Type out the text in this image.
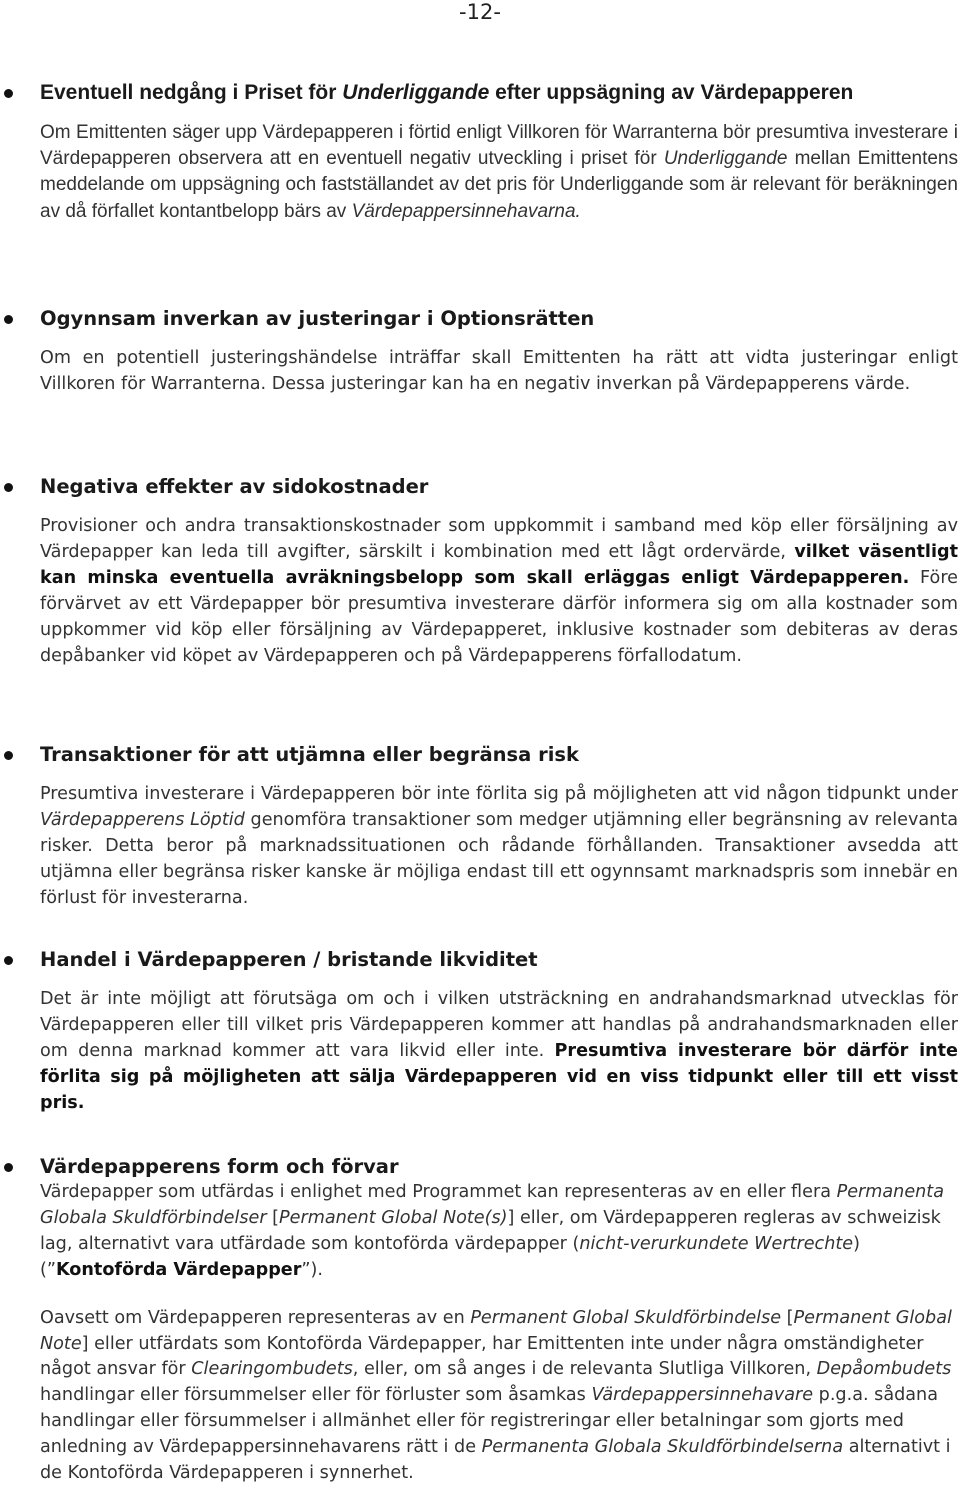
-12-
Eventuell nedgång i Priset för Underliggande efter uppsägning av Värdepapperen

Om Emittenten säger upp Värdepapperen i förtid enligt Villkoren för Warranterna bör presumtiva investerare i Värdepapperen observera att en eventuell negativ utveckling i priset för Underliggande mellan Emittentens meddelande om uppsägning och fastställandet av det pris för Underliggande som är relevant för beräkningen av då förfallet kontantbelopp bärs av Värdepappersinnehavarna.

Ogynnsam inverkan av justeringar i Optionsrätten

Om en potentiell justeringshändelse inträffar skall Emittenten ha rätt att vidta justeringar enligt Villkoren för Warranterna. Dessa justeringar kan ha en negativ inverkan på Värdepapperens värde.

Negativa effekter av sidokostnader

Provisioner och andra transaktionskostnader som uppkommit i samband med köp eller försäljning av Värdepapper kan leda till avgifter, särskilt i kombination med ett lågt ordervärde, vilket väsentligt kan minska eventuella avräkningsbelopp som skall erläggas enligt Värdepapperen. Före förvärvet av ett Värdepapper bör presumtiva investerare därför informera sig om alla kostnader som uppkommer vid köp eller försäljning av Värdepapperet, inklusive kostnader som debiteras av deras depåbanker vid köpet av Värdepapperen och på Värdepapperens förfallodatum.

Transaktioner för att utjämna eller begränsa risk

Presumtiva investerare i Värdepapperen bör inte förlita sig på möjligheten att vid någon tidpunkt under Värdepapperens Löptid genomföra transaktioner som medger utjämning eller begränsning av relevanta risker. Detta beror på marknadssituationen och rådande förhållanden. Transaktioner avsedda att utjämna eller begränsa risker kanske är möjliga endast till ett ogynnsamt marknadspris som innebär en förlust för investerarna.

Handel i Värdepapperen / bristande likviditet

Det är inte möjligt att förutsäga om och i vilken utsträckning en andrahandsmarknad utvecklas för Värdepapperen eller till vilket pris Värdepapperen kommer att handlas på andrahandsmarknaden eller om denna marknad kommer att vara likvid eller inte. Presumtiva investerare bör därför inte förlita sig på möjligheten att sälja Värdepapperen vid en viss tidpunkt eller till ett visst pris.

Värdepapperens form och förvar

Värdepapper som utfärdas i enlighet med Programmet kan representeras av en eller flera Permanenta Globala Skuldförbindelser [Permanent Global Note(s)] eller, om Värdepapperen regleras av schweizisk lag, alternativt vara utfärdade som kontoförda värdepapper (nicht-verurkundete Wertrechte) (”Kontoförda Värdepapper”).

Oavsett om Värdepapperen representeras av en Permanent Global Skuldförbindelse [Permanent Global Note] eller utfärdats som Kontoförda Värdepapper, har Emittenten inte under några omständigheter något ansvar för Clearingombudets, eller, om så anges i de relevanta Slutliga Villkoren, Depåombudets handlingar eller försummelser eller för förluster som åsamkas Värdepappersinnehavare p.g.a. sådana handlingar eller försummelser i allmänhet eller för registreringar eller betalningar som gjorts med anledning av Värdepappersinnehavarens rätt i de Permanenta Globala Skuldförbindelserna alternativt i de Kontoförda Värdepapperen i synnerhet.
